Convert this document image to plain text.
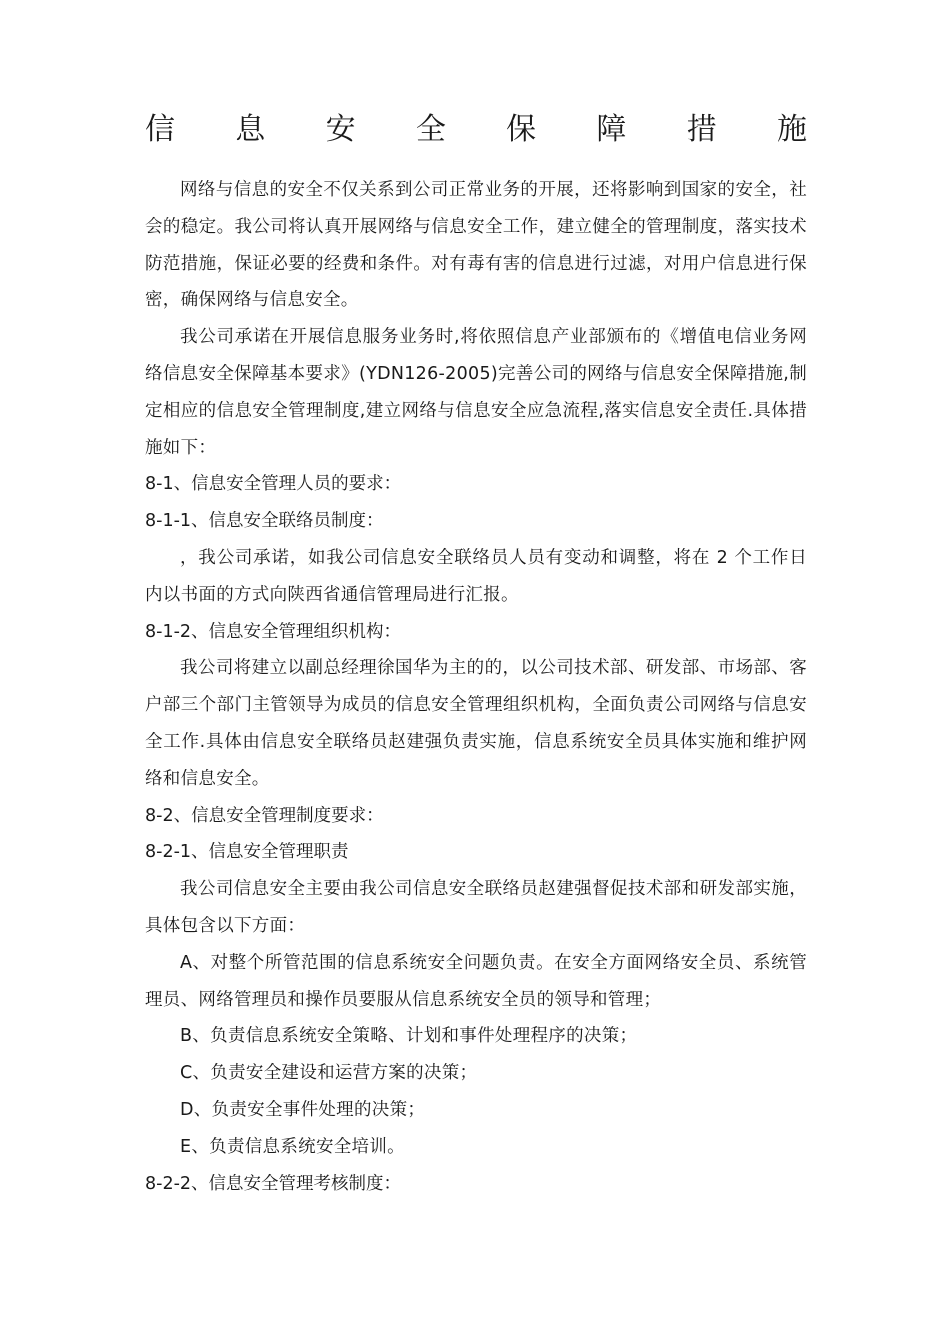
信 息 安 全 保 障 措 施

网络与信息的安全不仅关系到公司正常业务的开展，还将影响到国家的安全，社会的稳定。我公司将认真开展网络与信息安全工作，建立健全的管理制度，落实技术防范措施，保证必要的经费和条件。对有毒有害的信息进行过滤，对用户信息进行保密，确保网络与信息安全。

我公司承诺在开展信息服务业务时,将依照信息产业部颁布的《增值电信业务网络信息安全保障基本要求》(YDN126-2005)完善公司的网络与信息安全保障措施,制定相应的信息安全管理制度,建立网络与信息安全应急流程,落实信息安全责任.具体措施如下：

8-1、信息安全管理人员的要求：

8-1-1、信息安全联络员制度：

，我公司承诺，如我公司信息安全联络员人员有变动和调整，将在 2 个工作日内以书面的方式向陕西省通信管理局进行汇报。

8-1-2、信息安全管理组织机构：

我公司将建立以副总经理徐国华为主的的，以公司技术部、研发部、市场部、客户部三个部门主管领导为成员的信息安全管理组织机构，全面负责公司网络与信息安全工作.具体由信息安全联络员赵建强负责实施，信息系统安全员具体实施和维护网络和信息安全。

8-2、信息安全管理制度要求：

8-2-1、信息安全管理职责

我公司信息安全主要由我公司信息安全联络员赵建强督促技术部和研发部实施，具体包含以下方面：

A、对整个所管范围的信息系统安全问题负责。在安全方面网络安全员、系统管理员、网络管理员和操作员要服从信息系统安全员的领导和管理；

B、负责信息系统安全策略、计划和事件处理程序的决策；

C、负责安全建设和运营方案的决策；

D、负责安全事件处理的决策；

E、负责信息系统安全培训。

8-2-2、信息安全管理考核制度：
